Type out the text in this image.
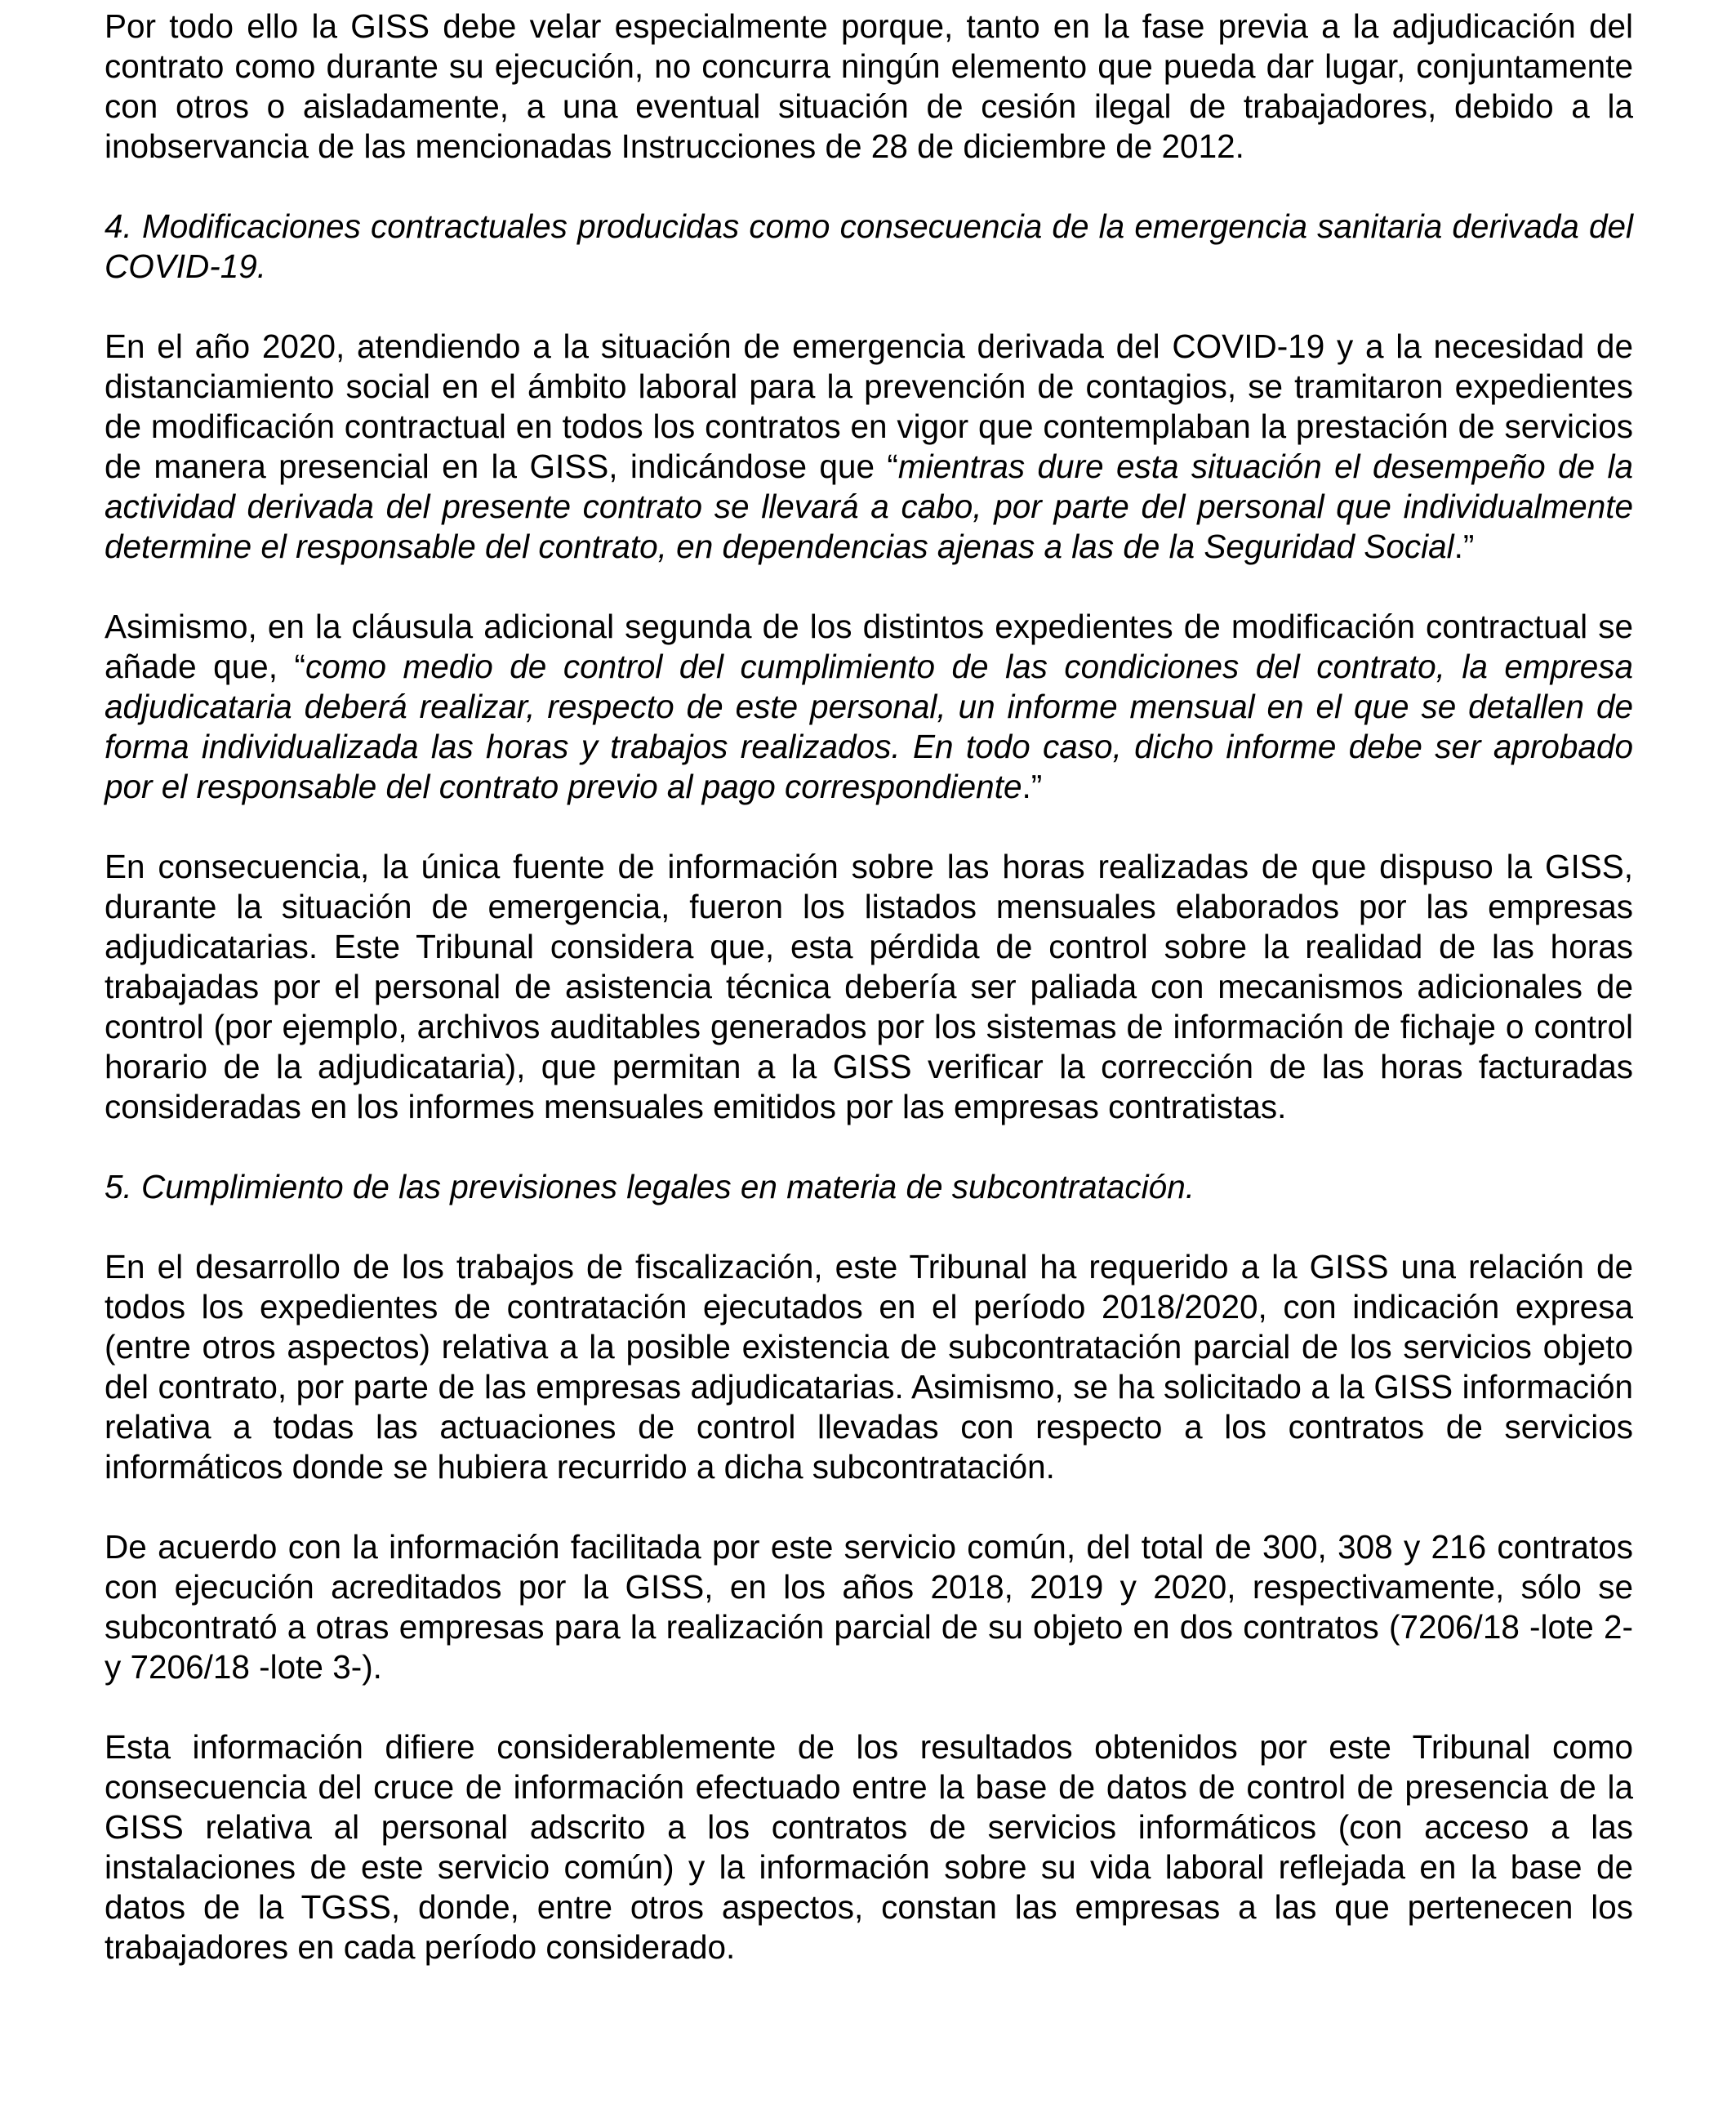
Por todo ello la GISS debe velar especialmente porque, tanto en la fase previa a la adjudicación del contrato como durante su ejecución, no concurra ningún elemento que pueda dar lugar, conjuntamente con otros o aisladamente, a una eventual situación de cesión ilegal de trabajadores, debido a la inobservancia de las mencionadas Instrucciones de 28 de diciembre de 2012.

4. Modificaciones contractuales producidas como consecuencia de la emergencia sanitaria derivada del COVID-19.

En el año 2020, atendiendo a la situación de emergencia derivada del COVID-19 y a la necesidad de distanciamiento social en el ámbito laboral para la prevención de contagios, se tramitaron expedientes de modificación contractual en todos los contratos en vigor que contemplaban la prestación de servicios de manera presencial en la GISS, indicándose que “mientras dure esta situación el desempeño de la actividad derivada del presente contrato se llevará a cabo, por parte del personal que individualmente determine el responsable del contrato, en dependencias ajenas a las de la Seguridad Social.”

Asimismo, en la cláusula adicional segunda de los distintos expedientes de modificación contractual se añade que, “como medio de control del cumplimiento de las condiciones del contrato, la empresa adjudicataria deberá realizar, respecto de este personal, un informe mensual en el que se detallen de forma individualizada las horas y trabajos realizados. En todo caso, dicho informe debe ser aprobado por el responsable del contrato previo al pago correspondiente.”

En consecuencia, la única fuente de información sobre las horas realizadas de que dispuso la GISS, durante la situación de emergencia, fueron los listados mensuales elaborados por las empresas adjudicatarias. Este Tribunal considera que, esta pérdida de control sobre la realidad de las horas trabajadas por el personal de asistencia técnica debería ser paliada con mecanismos adicionales de control (por ejemplo, archivos auditables generados por los sistemas de información de fichaje o control horario de la adjudicataria), que permitan a la GISS verificar la corrección de las horas facturadas consideradas en los informes mensuales emitidos por las empresas contratistas.

5. Cumplimiento de las previsiones legales en materia de subcontratación.

En el desarrollo de los trabajos de fiscalización, este Tribunal ha requerido a la GISS una relación de todos los expedientes de contratación ejecutados en el período 2018/2020, con indicación expresa (entre otros aspectos) relativa a la posible existencia de subcontratación parcial de los servicios objeto del contrato, por parte de las empresas adjudicatarias. Asimismo, se ha solicitado a la GISS información relativa a todas las actuaciones de control llevadas con respecto a los contratos de servicios informáticos donde se hubiera recurrido a dicha subcontratación.

De acuerdo con la información facilitada por este servicio común, del total de 300, 308 y 216 contratos con ejecución acreditados por la GISS, en los años 2018, 2019 y 2020, respectivamente, sólo se subcontrató a otras empresas para la realización parcial de su objeto en dos contratos (7206/18 -lote 2- y 7206/18 -lote 3-).

Esta información difiere considerablemente de los resultados obtenidos por este Tribunal como consecuencia del cruce de información efectuado entre la base de datos de control de presencia de la GISS relativa al personal adscrito a los contratos de servicios informáticos (con acceso a las instalaciones de este servicio común) y la información sobre su vida laboral reflejada en la base de datos de la TGSS, donde, entre otros aspectos, constan las empresas a las que pertenecen los trabajadores en cada período considerado.
